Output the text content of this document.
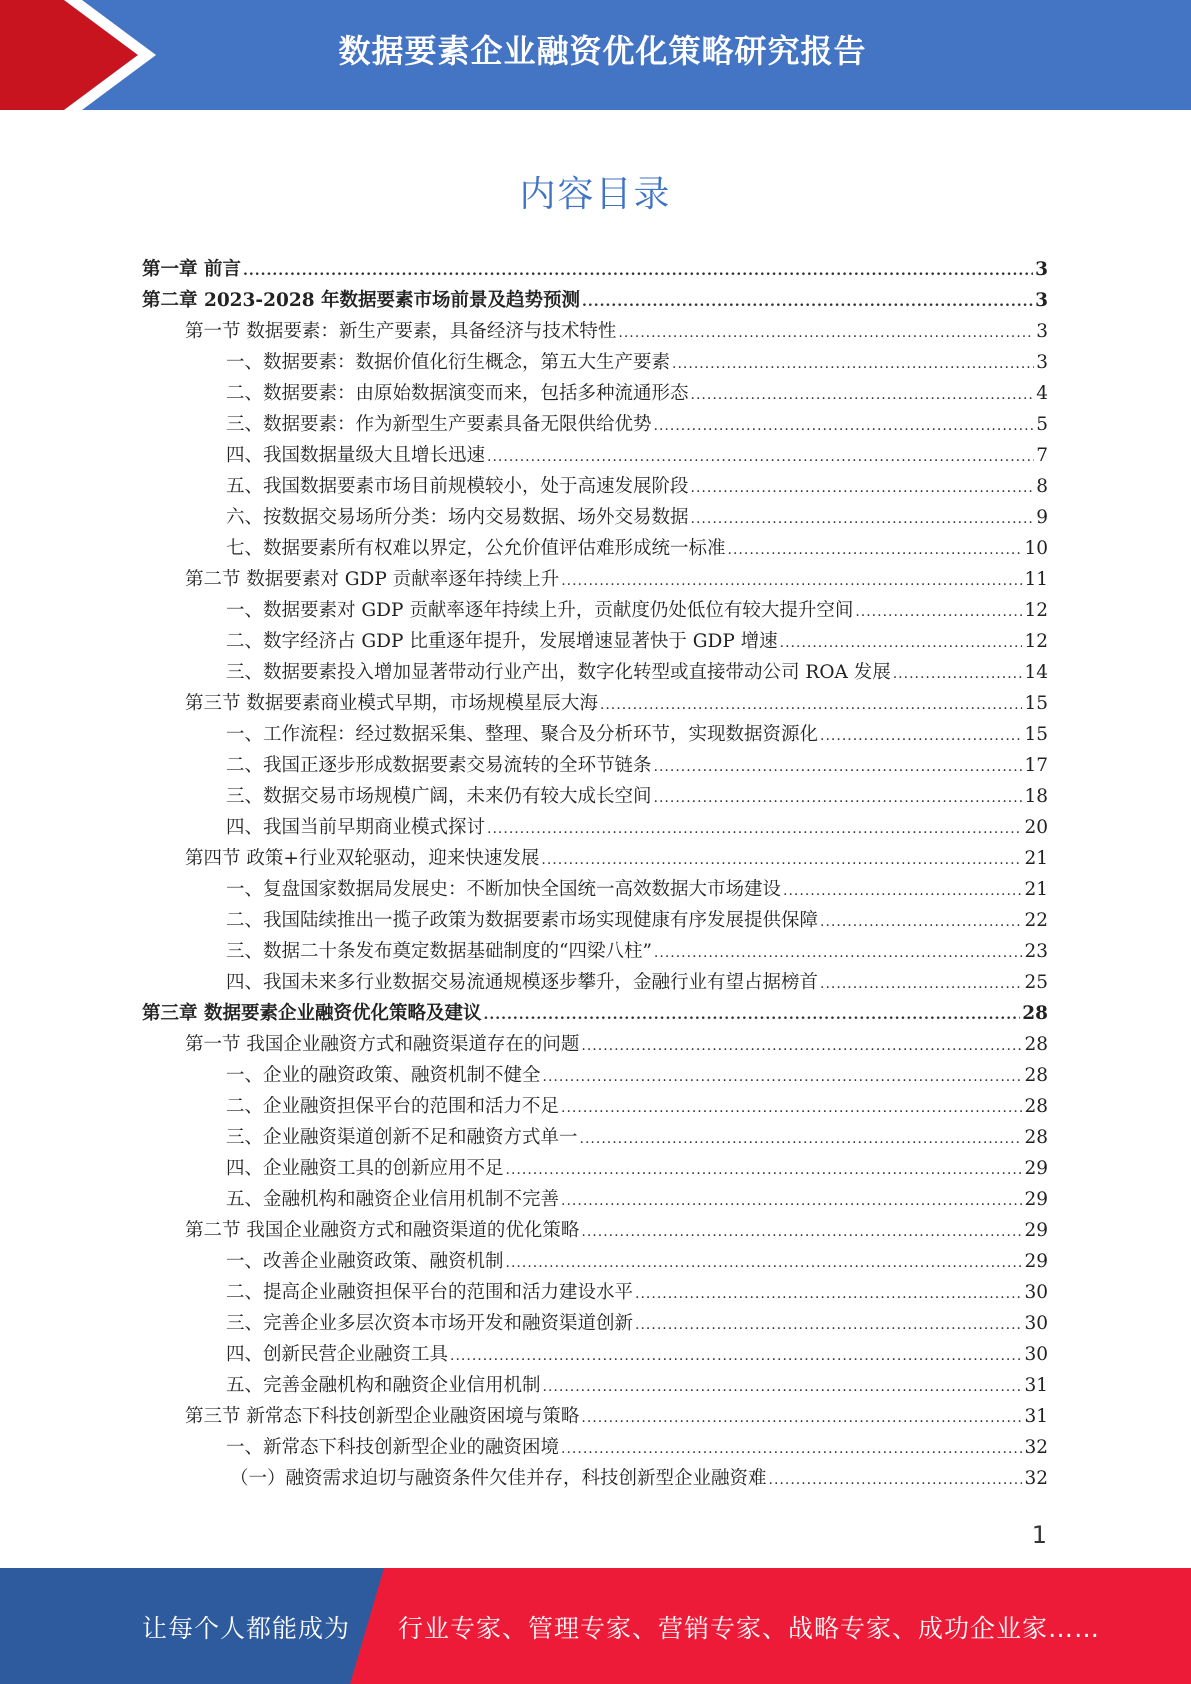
数据要素企业融资优化策略研究报告
内容目录
第一章 前言 .....	3
第二章 2023-2028 年数据要素市场前景及趋势预测 .....	3
第一节 数据要素：新生产要素，具备经济与技术特性 .....	3
一、数据要素：数据价值化衍生概念，第五大生产要素 .....	3
二、数据要素：由原始数据演变而来，包括多种流通形态 .....	4
三、数据要素：作为新型生产要素具备无限供给优势 .....	5
四、我国数据量级大且增长迅速 .....	7
五、我国数据要素市场目前规模较小，处于高速发展阶段 .....	8
六、按数据交易场所分类：场内交易数据、场外交易数据 .....	9
七、数据要素所有权难以界定，公允价值评估难形成统一标准 .....	10
第二节 数据要素对 GDP 贡献率逐年持续上升 .....	11
一、数据要素对 GDP 贡献率逐年持续上升，贡献度仍处低位有较大提升空间 .....	12
二、数字经济占 GDP 比重逐年提升，发展增速显著快于 GDP 增速 .....	12
三、数据要素投入增加显著带动行业产出，数字化转型或直接带动公司 ROA 发展 .....	14
第三节 数据要素商业模式早期，市场规模星辰大海 .....	15
一、工作流程：经过数据采集、整理、聚合及分析环节，实现数据资源化 .....	15
二、我国正逐步形成数据要素交易流转的全环节链条 .....	17
三、数据交易市场规模广阔，未来仍有较大成长空间 .....	18
四、我国当前早期商业模式探讨 .....	20
第四节 政策+行业双轮驱动，迎来快速发展 .....	21
一、复盘国家数据局发展史：不断加快全国统一高效数据大市场建设 .....	21
二、我国陆续推出一揽子政策为数据要素市场实现健康有序发展提供保障 .....	22
三、数据二十条发布奠定数据基础制度的“四梁八柱” .....	23
四、我国未来多行业数据交易流通规模逐步攀升，金融行业有望占据榜首 .....	25
第三章 数据要素企业融资优化策略及建议 .....	28
第一节 我国企业融资方式和融资渠道存在的问题 .....	28
一、企业的融资政策、融资机制不健全 .....	28
二、企业融资担保平台的范围和活力不足 .....	28
三、企业融资渠道创新不足和融资方式单一 .....	28
四、企业融资工具的创新应用不足 .....	29
五、金融机构和融资企业信用机制不完善 .....	29
第二节 我国企业融资方式和融资渠道的优化策略 .....	29
一、改善企业融资政策、融资机制 .....	29
二、提高企业融资担保平台的范围和活力建设水平 .....	30
三、完善企业多层次资本市场开发和融资渠道创新 .....	30
四、创新民营企业融资工具 .....	30
五、完善金融机构和融资企业信用机制 .....	31
第三节 新常态下科技创新型企业融资困境与策略 .....	31
一、新常态下科技创新型企业的融资困境 .....	32
（一）融资需求迫切与融资条件欠佳并存，科技创新型企业融资难 .....	32
1
让每个人都能成为 行业专家、管理专家、营销专家、战略专家、成功企业家……
